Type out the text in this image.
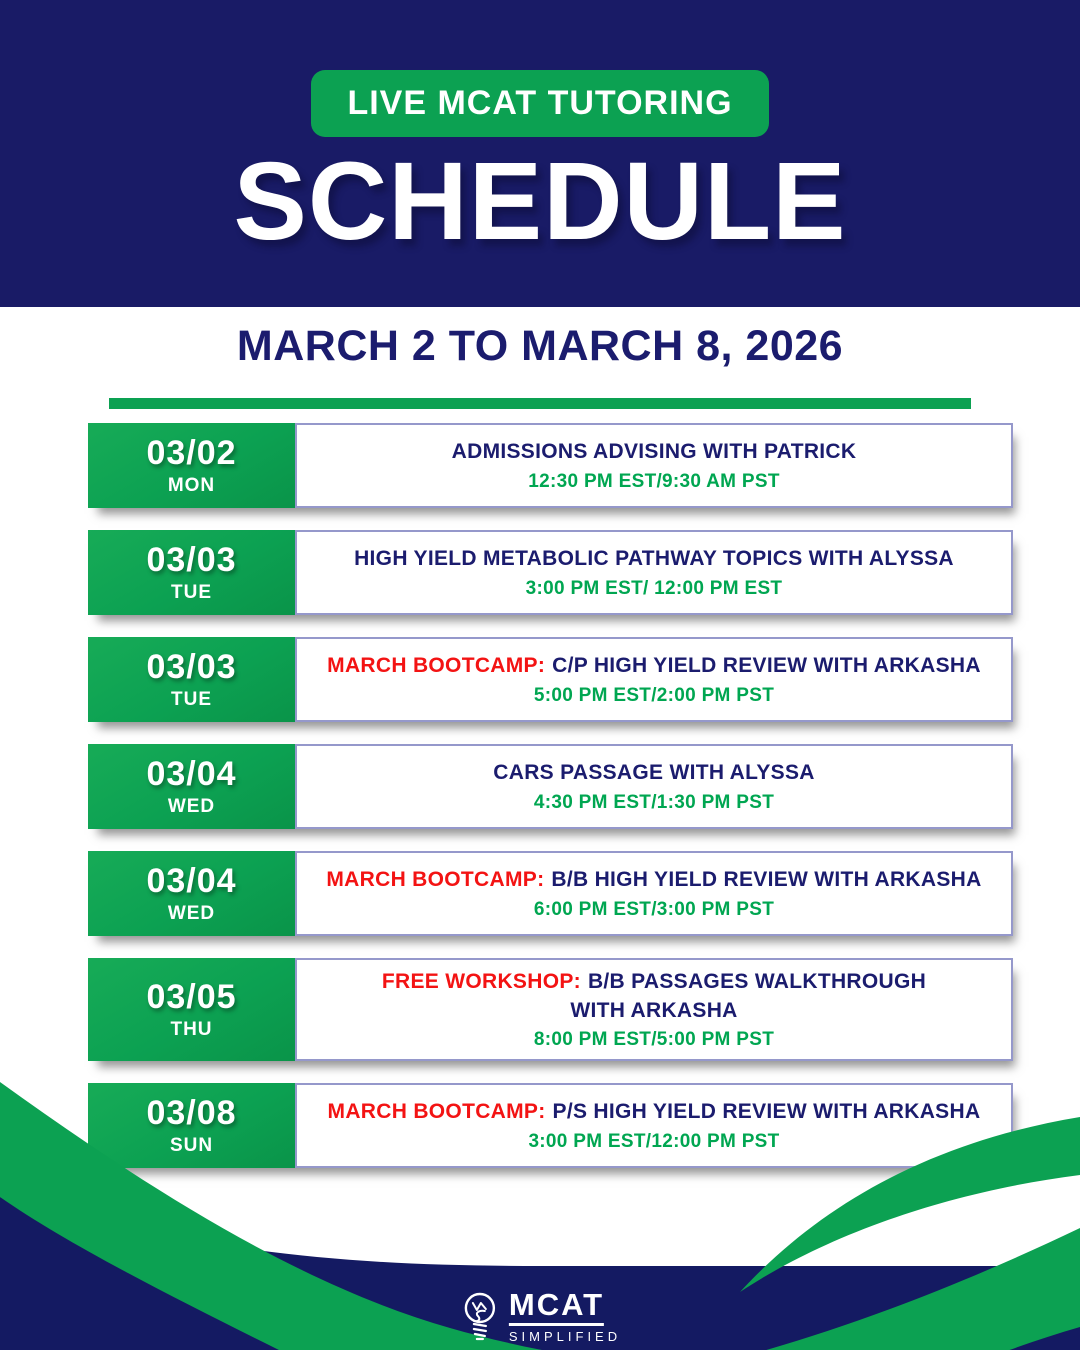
LIVE MCAT TUTORING
SCHEDULE
MARCH 2 TO MARCH 8, 2026
03/02
MON
ADMISSIONS ADVISING WITH PATRICK
12:30 PM EST/9:30 AM PST
03/03
TUE
HIGH YIELD METABOLIC PATHWAY TOPICS WITH ALYSSA
3:00 PM EST/ 12:00 PM EST
03/03
TUE
MARCH BOOTCAMP: C/P HIGH YIELD REVIEW WITH ARKASHA
5:00 PM EST/2:00 PM PST
03/04
WED
CARS PASSAGE WITH ALYSSA
4:30 PM EST/1:30 PM PST
03/04
WED
MARCH BOOTCAMP: B/B HIGH YIELD REVIEW WITH ARKASHA
6:00 PM EST/3:00 PM PST
03/05
THU
FREE WORKSHOP: B/B PASSAGES WALKTHROUGH
WITH ARKASHA
8:00 PM EST/5:00 PM PST
03/08
SUN
MARCH BOOTCAMP: P/S HIGH YIELD REVIEW WITH ARKASHA
3:00 PM EST/12:00 PM PST
MCAT
SIMPLIFIED
